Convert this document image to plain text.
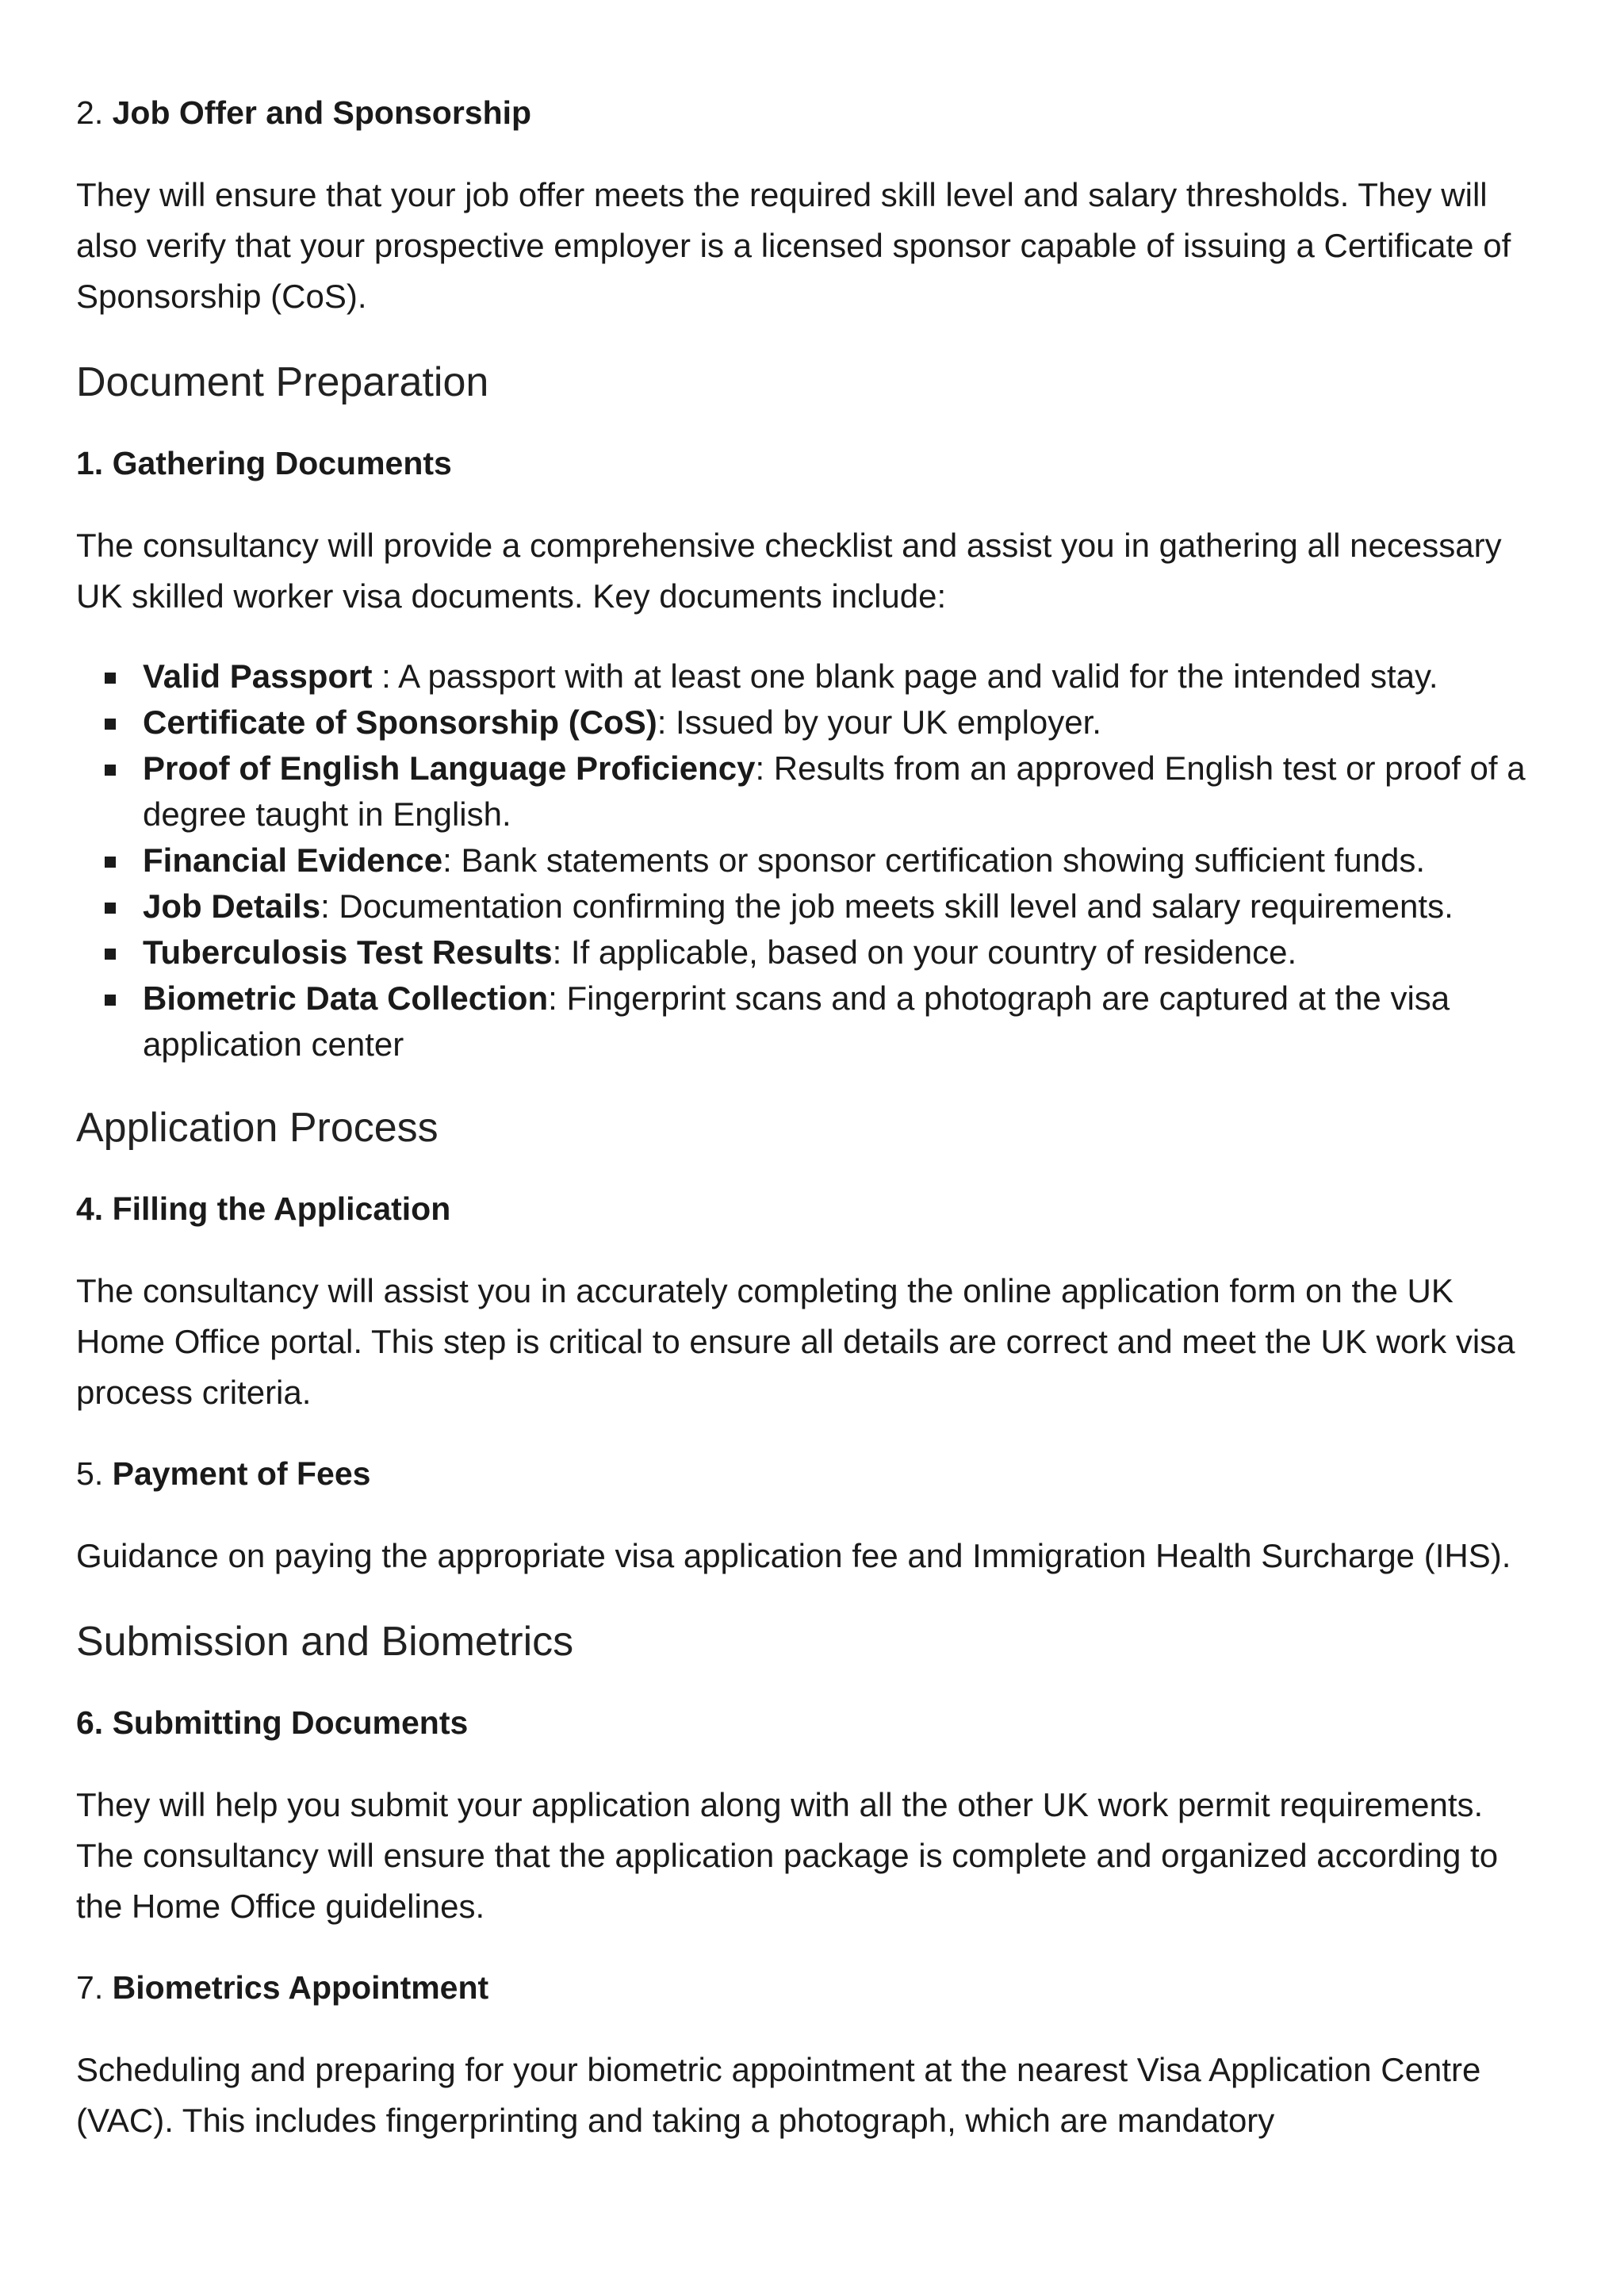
2. Job Offer and Sponsorship

They will ensure that your job offer meets the required skill level and salary thresholds. They will also verify that your prospective employer is a licensed sponsor capable of issuing a Certificate of Sponsorship (CoS).

Document Preparation
1. Gathering Documents

The consultancy will provide a comprehensive checklist and assist you in gathering all necessary UK skilled worker visa documents. Key documents include:

Valid Passport : A passport with at least one blank page and valid for the intended stay.
Certificate of Sponsorship (CoS): Issued by your UK employer.
Proof of English Language Proficiency: Results from an approved English test or proof of a degree taught in English.
Financial Evidence: Bank statements or sponsor certification showing sufficient funds.
Job Details: Documentation confirming the job meets skill level and salary requirements.
Tuberculosis Test Results: If applicable, based on your country of residence.
Biometric Data Collection: Fingerprint scans and a photograph are captured at the visa application center
Application Process
4. Filling the Application

The consultancy will assist you in accurately completing the online application form on the UK Home Office portal. This step is critical to ensure all details are correct and meet the UK work visa process criteria.

5. Payment of Fees

Guidance on paying the appropriate visa application fee and Immigration Health Surcharge (IHS).

Submission and Biometrics
6. Submitting Documents

They will help you submit your application along with all the other UK work permit requirements. The consultancy will ensure that the application package is complete and organized according to the Home Office guidelines.

7. Biometrics Appointment

Scheduling and preparing for your biometric appointment at the nearest Visa Application Centre (VAC). This includes fingerprinting and taking a photograph, which are mandatory
